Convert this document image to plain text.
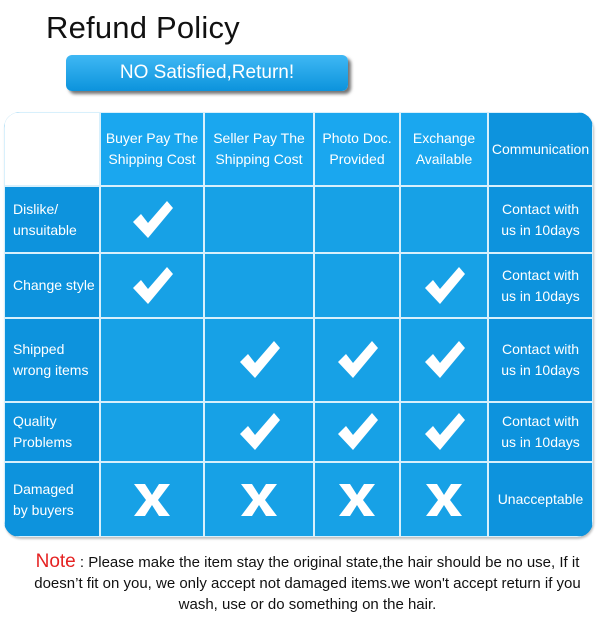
Refund Policy
NO Satisfied,Return!
Buyer Pay The
Shipping Cost
Seller Pay The
Shipping Cost
Photo Doc.
Provided
Exchange
Available
Communication
Dislike/
unsuitable
Contact with
us in 10days
Change style
Contact with
us in 10days
Shipped
wrong items
Contact with
us in 10days
Quality
Problems
Contact with
us in 10days
Damaged
by buyers
Unacceptable
Note : Please make the item stay the original state,the hair should be no use, If it doesn’t fit on you, we only accept not damaged items.we won't accept return if you wash, use or do something on the hair.
